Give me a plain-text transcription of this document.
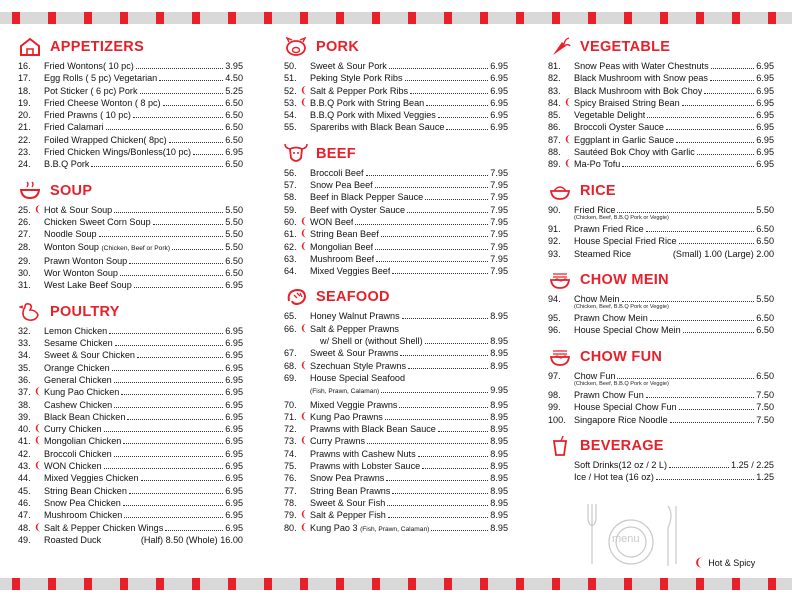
APPETIZERS
16.	Fried Wontons( 10 pc)	3.95
17.	Egg Rolls ( 5 pc) Vegetarian	4.50
18.	Pot Sticker ( 6 pc) Pork	5.25
19.	Fried Cheese Wonton ( 8 pc)	6.50
20.	Fried Prawns ( 10 pc)	6.50
21.	Fried Calamari	6.50
22.	Foiled Wrapped Chicken( 8pc)	6.50
23.	Fried Chicken Wings/Bonless(10 pc)	6.95
24.	B.B.Q Pork	6.50
SOUP
25. ❨ Hot & Sour Soup	5.50
26.	Chicken Sweet Corn Soup	5.50
27.	Noodle Soup	5.50
28.	Wonton Soup (Chicken, Beef or Pork)	5.50
29.	Prawn Wonton Soup	6.50
30.	Wor Wonton Soup	6.50
31.	West Lake Beef Soup	6.95
POULTRY
32.	Lemon Chicken	6.95
33.	Sesame Chicken	6.95
34.	Sweet & Sour Chicken	6.95
35.	Orange Chicken	6.95
36.	General Chicken	6.95
37. ❨ Kung Pao Chicken	6.95
38.	Cashew Chicken	6.95
39.	Black Bean Chicken	6.95
40. ❨ Curry Chicken	6.95
41. ❨ Mongolian Chicken	6.95
42.	Broccoli Chicken	6.95
43. ❨ WON Chicken	6.95
44.	Mixed Veggies Chicken	6.95
45.	String Bean Chicken	6.95
46.	Snow Pea Chicken	6.95
47.	Mushroom Chicken	6.95
48. ❨ Salt & Pepper Chicken Wings	6.95
49.	Roasted Duck	(Half) 8.50 (Whole) 16.00
PORK
50.	Sweet & Sour Pork	6.95
51.	Peking Style Pork Ribs	6.95
52. ❨ Salt & Pepper Pork Ribs	6.95
53. ❨ B.B.Q Pork with String Bean	6.95
54.	B.B.Q Pork with Mixed Veggies	6.95
55.	Spareribs with Black Bean Sauce	6.95
BEEF
56.	Broccoli Beef	7.95
57.	Snow Pea Beef	7.95
58.	Beef in Black Pepper Sauce	7.95
59.	Beef with Oyster Sauce	7.95
60. ❨ WON Beef	7.95
61. ❨ String Bean Beef	7.95
62. ❨ Mongolian Beef	7.95
63.	Mushroom Beef	7.95
64.	Mixed Veggies Beef	7.95
SEAFOOD
65.	Honey Walnut Prawns	8.95
66. ❨ Salt & Pepper Prawns
w/ Shell or (without Shell)	8.95
67.	Sweet & Sour Prawns	8.95
68. ❨ Szechuan Style Prawns	8.95
69.	House Special Seafood
(Fish, Prawn, Calaman)	9.95
70.	Mixed Veggie Prawns	8.95
71. ❨ Kung Pao Prawns	8.95
72.	Prawns with Black Bean Sauce	8.95
73. ❨ Curry Prawns	8.95
74.	Prawns with Cashew Nuts	8.95
75.	Prawns with Lobster Sauce	8.95
76.	Snow Pea Prawns	8.95
77.	String Bean Prawns	8.95
78.	Sweet & Sour Fish	8.95
79. ❨ Salt & Pepper Fish	8.95
80. ❨ Kung Pao 3 (Fish, Prawn, Calaman)	8.95
VEGETABLE
81.	Snow Peas with Water Chestnuts	6.95
82.	Black Mushroom with Snow peas	6.95
83.	Black Mushroom with Bok Choy	6.95
84. ❨ Spicy Braised String Bean	6.95
85.	Vegetable Delight	6.95
86.	Broccoli Oyster Sauce	6.95
87. ❨ Eggplant in Garlic Sauce	6.95
88.	Sautéed Bok Choy with Garlic	6.95
89. ❨ Ma-Po Tofu	6.95
RICE
90.	Fried Rice	5.50
(Chicken, Beef, B.B.Q Pork or Veggie)
91.	Prawn Fried Rice	6.50
92.	House Special Fried Rice	6.50
93.	Steamed Rice	(Small) 1.00 (Large) 2.00
CHOW MEIN
94.	Chow Mein	5.50
(Chicken, Beef, B.B.Q Pork or Veggie)
95.	Prawn Chow Mein	6.50
96.	House Special Chow Mein	6.50
CHOW FUN
97.	Chow Fun	6.50
(Chicken, Beef, B.B.Q Pork or Veggie)
98.	Prawn Chow Fun	7.50
99.	House Special Chow Fun	7.50
100. Singapore Rice Noodle	7.50
BEVERAGE
Soft Drinks(12 oz / 2 L)	1.25 / 2.25
Ice / Hot tea (16 oz)	1.25
menu
❨ Hot & Spicy
